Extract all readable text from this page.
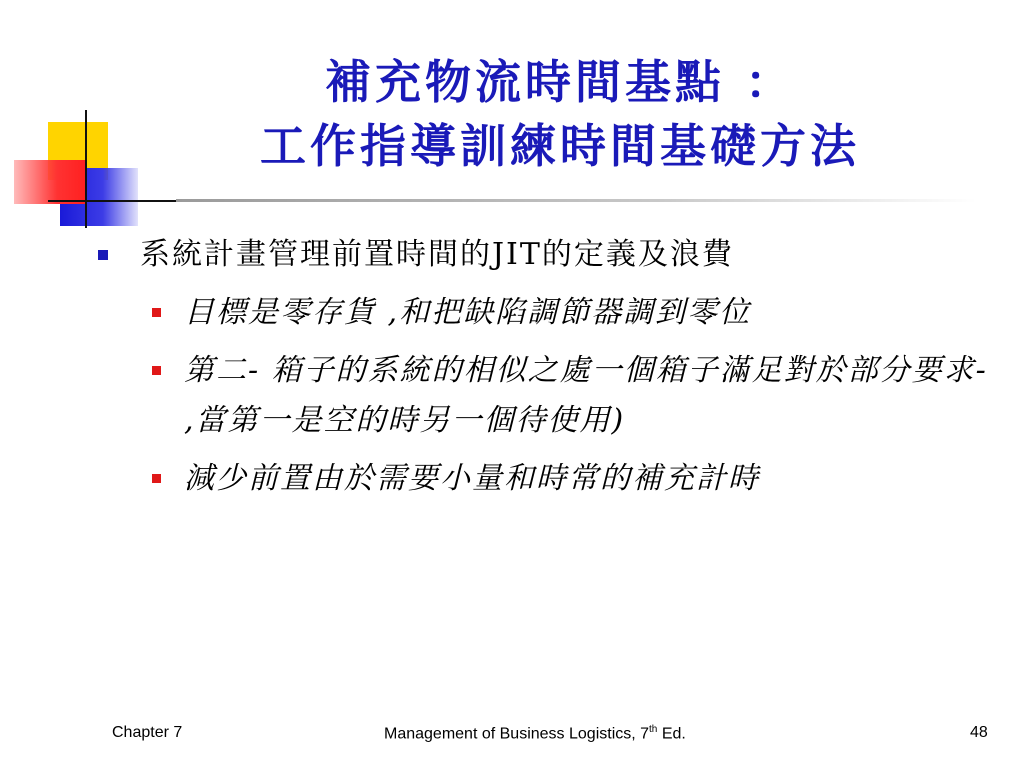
補充物流時間基點 ：
工作指導訓練時間基礎方法
系統計畫管理前置時間的JIT的定義及浪費
目標是零存貨 ,和把缺陷調節器調到零位
第二- 箱子的系統的相似之處一個箱子滿足對於部分要求- ,當第一是空的時另一個待使用)
減少前置由於需要小量和時常的補充計時
Chapter 7	Management of Business Logistics, 7th Ed.	48
